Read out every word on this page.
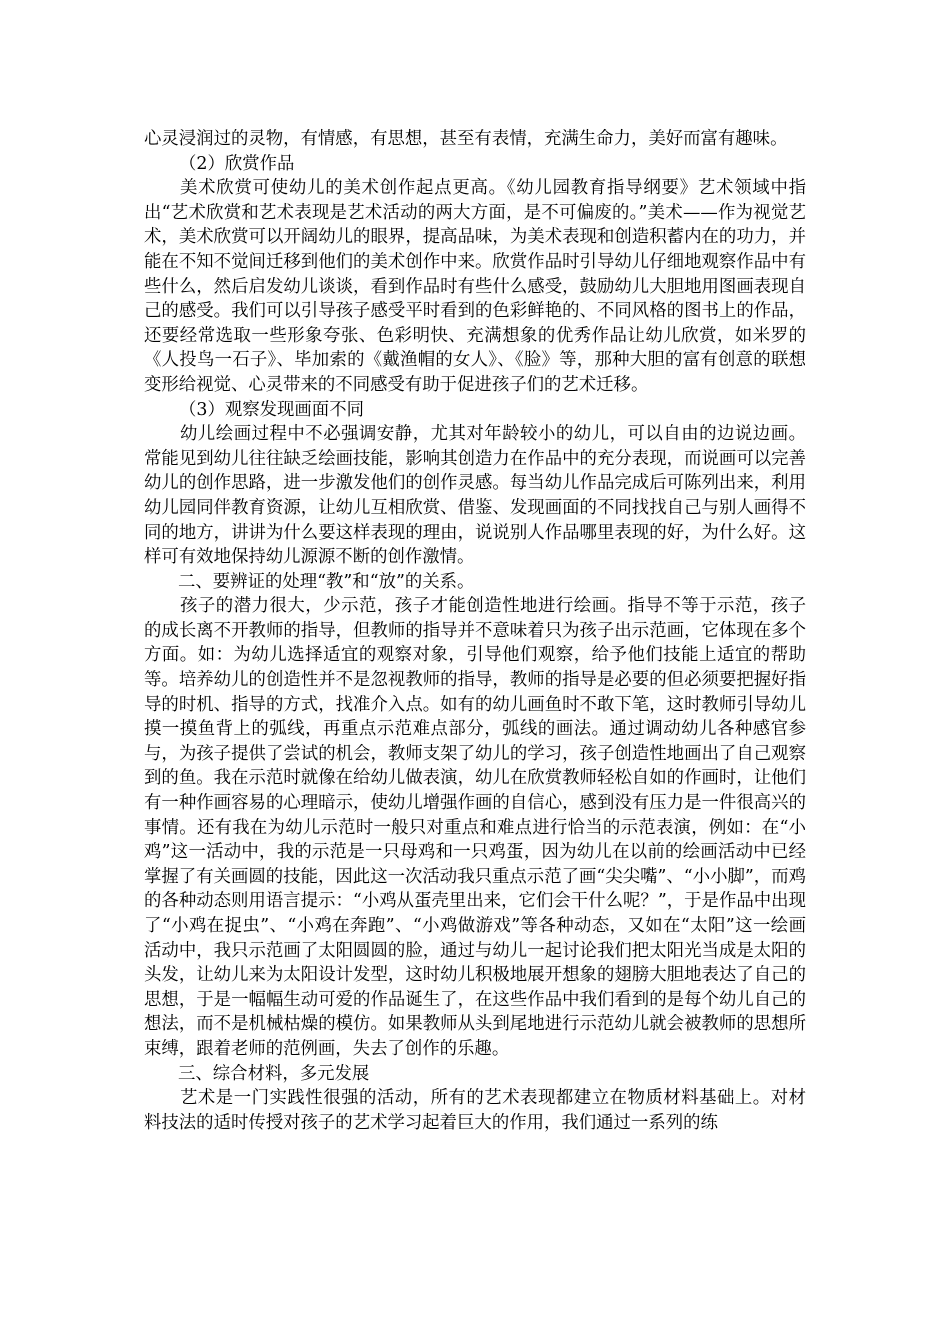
心灵浸润过的灵物，有情感，有思想，甚至有表情，充满生命力，美好而富有趣味。

（2）欣赏作品

美术欣赏可使幼儿的美术创作起点更高。《幼儿园教育指导纲要》艺术领域中指出“艺术欣赏和艺术表现是艺术活动的两大方面，是不可偏废的。”美术——作为视觉艺术，美术欣赏可以开阔幼儿的眼界，提高品味，为美术表现和创造积蓄内在的功力，并能在不知不觉间迁移到他们的美术创作中来。欣赏作品时引导幼儿仔细地观察作品中有些什么，然后启发幼儿谈谈，看到作品时有些什么感受，鼓励幼儿大胆地用图画表现自己的感受。我们可以引导孩子感受平时看到的色彩鲜艳的、不同风格的图书上的作品，还要经常选取一些形象夸张、色彩明快、充满想象的优秀作品让幼儿欣赏，如米罗的《人投鸟一石子》、毕加索的《戴渔帽的女人》、《脸》等，那种大胆的富有创意的联想变形给视觉、心灵带来的不同感受有助于促进孩子们的艺术迁移。

（3）观察发现画面不同

幼儿绘画过程中不必强调安静，尤其对年龄较小的幼儿，可以自由的边说边画。常能见到幼儿往往缺乏绘画技能，影响其创造力在作品中的充分表现，而说画可以完善幼儿的创作思路，进一步激发他们的创作灵感。每当幼儿作品完成后可陈列出来，利用幼儿园同伴教育资源，让幼儿互相欣赏、借鉴、发现画面的不同找找自己与别人画得不同的地方，讲讲为什么要这样表现的理由，说说别人作品哪里表现的好，为什么好。这样可有效地保持幼儿源源不断的创作激情。

二、要辨证的处理“教”和“放”的关系。

孩子的潜力很大，少示范，孩子才能创造性地进行绘画。指导不等于示范，孩子的成长离不开教师的指导，但教师的指导并不意味着只为孩子出示范画，它体现在多个方面。如：为幼儿选择适宜的观察对象，引导他们观察，给予他们技能上适宜的帮助等。培养幼儿的创造性并不是忽视教师的指导，教师的指导是必要的但必须要把握好指导的时机、指导的方式，找准介入点。如有的幼儿画鱼时不敢下笔，这时教师引导幼儿摸一摸鱼背上的弧线，再重点示范难点部分，弧线的画法。通过调动幼儿各种感官参与，为孩子提供了尝试的机会，教师支架了幼儿的学习，孩子创造性地画出了自己观察到的鱼。我在示范时就像在给幼儿做表演，幼儿在欣赏教师轻松自如的作画时，让他们有一种作画容易的心理暗示，使幼儿增强作画的自信心，感到没有压力是一件很高兴的事情。还有我在为幼儿示范时一般只对重点和难点进行恰当的示范表演，例如：在“小鸡”这一活动中，我的示范是一只母鸡和一只鸡蛋，因为幼儿在以前的绘画活动中已经掌握了有关画圆的技能，因此这一次活动我只重点示范了画“尖尖嘴”、“小小脚”，而鸡的各种动态则用语言提示：“小鸡从蛋壳里出来，它们会干什么呢？”，于是作品中出现了“小鸡在捉虫”、“小鸡在奔跑”、“小鸡做游戏”等各种动态，又如在“太阳”这一绘画活动中，我只示范画了太阳圆圆的脸，通过与幼儿一起讨论我们把太阳光当成是太阳的头发，让幼儿来为太阳设计发型，这时幼儿积极地展开想象的翅膀大胆地表达了自己的思想，于是一幅幅生动可爱的作品诞生了，在这些作品中我们看到的是每个幼儿自己的想法，而不是机械枯燥的模仿。如果教师从头到尾地进行示范幼儿就会被教师的思想所束缚，跟着老师的范例画，失去了创作的乐趣。

三、综合材料，多元发展

艺术是一门实践性很强的活动，所有的艺术表现都建立在物质材料基础上。对材料技法的适时传授对孩子的艺术学习起着巨大的作用，我们通过一系列的练
